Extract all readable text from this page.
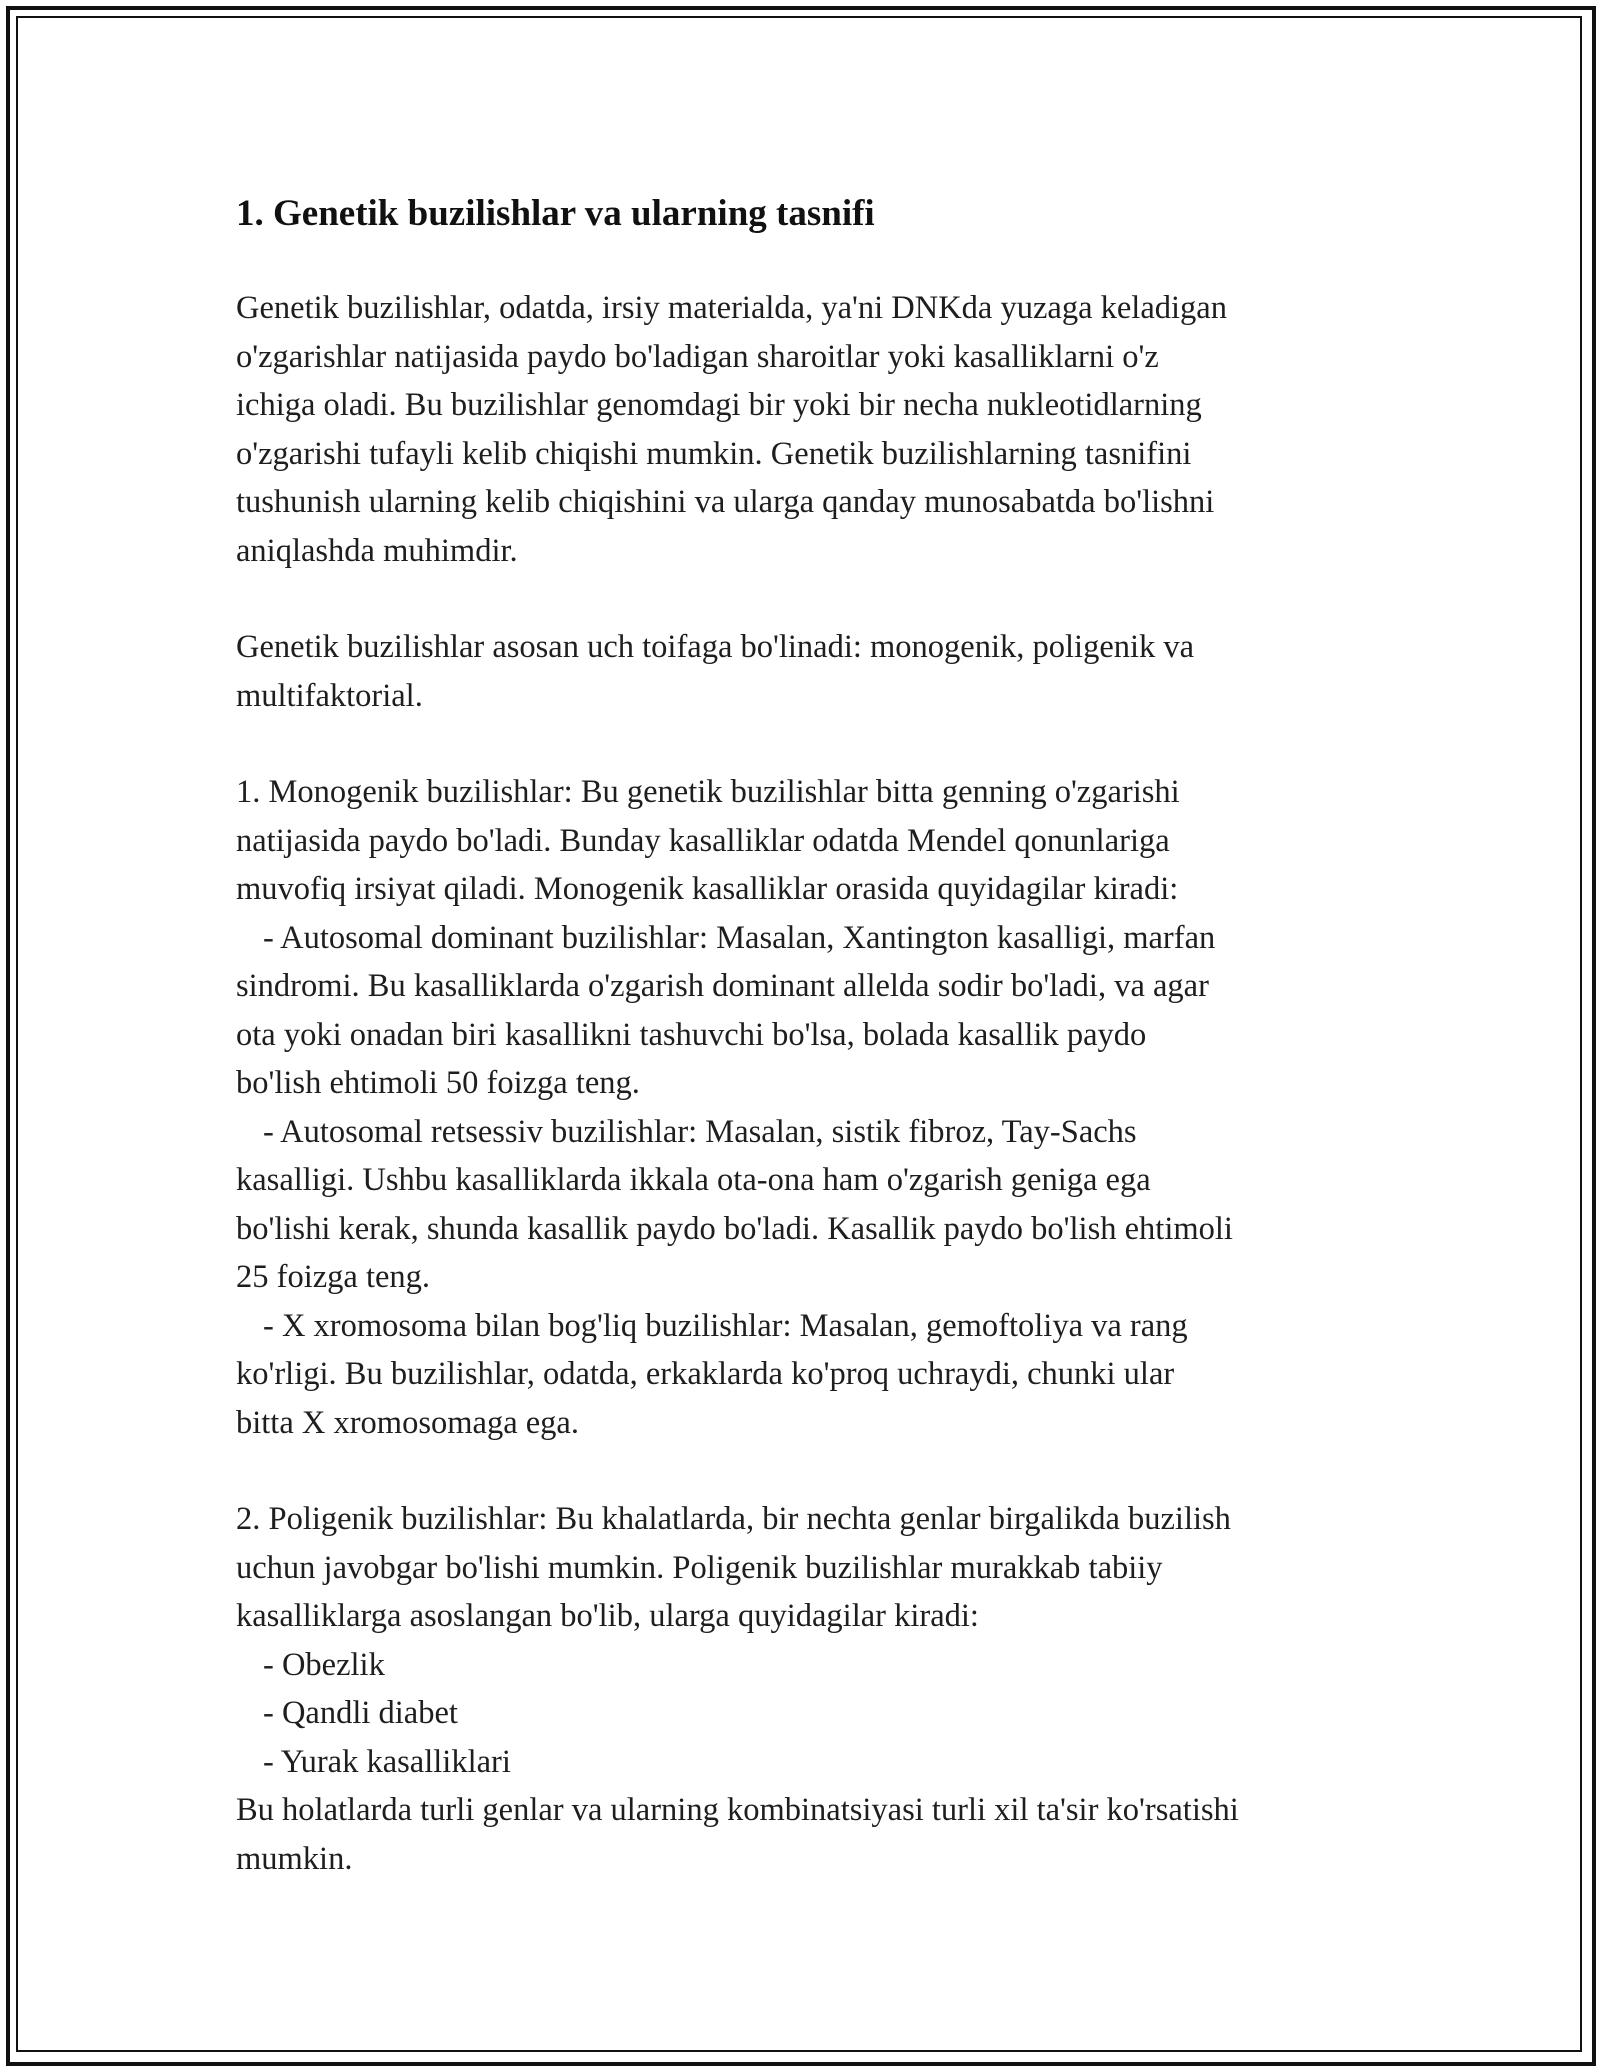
1. Genetik buzilishlar va ularning tasnifi
Genetik buzilishlar, odatda, irsiy materialda, ya'ni DNKda yuzaga keladigan
o'zgarishlar natijasida paydo bo'ladigan sharoitlar yoki kasalliklarni o'z
ichiga oladi. Bu buzilishlar genomdagi bir yoki bir necha nukleotidlarning
o'zgarishi tufayli kelib chiqishi mumkin. Genetik buzilishlarning tasnifini
tushunish ularning kelib chiqishini va ularga qanday munosabatda bo'lishni
aniqlashda muhimdir.
Genetik buzilishlar asosan uch toifaga bo'linadi: monogenik, poligenik va
multifaktorial.
1. Monogenik buzilishlar: Bu genetik buzilishlar bitta genning o'zgarishi
natijasida paydo bo'ladi. Bunday kasalliklar odatda Mendel qonunlariga
muvofiq irsiyat qiladi. Monogenik kasalliklar orasida quyidagilar kiradi:
- Autosomal dominant buzilishlar: Masalan, Xantington kasalligi, marfan
sindromi. Bu kasalliklarda o'zgarish dominant allelda sodir bo'ladi, va agar
ota yoki onadan biri kasallikni tashuvchi bo'lsa, bolada kasallik paydo
bo'lish ehtimoli 50 foizga teng.
- Autosomal retsessiv buzilishlar: Masalan, sistik fibroz, Tay-Sachs
kasalligi. Ushbu kasalliklarda ikkala ota-ona ham o'zgarish geniga ega
bo'lishi kerak, shunda kasallik paydo bo'ladi. Kasallik paydo bo'lish ehtimoli
25 foizga teng.
- X xromosoma bilan bog'liq buzilishlar: Masalan, gemoftoliya va rang
ko'rligi. Bu buzilishlar, odatda, erkaklarda ko'proq uchraydi, chunki ular
bitta X xromosomaga ega.
2. Poligenik buzilishlar: Bu khalatlarda, bir nechta genlar birgalikda buzilish
uchun javobgar bo'lishi mumkin. Poligenik buzilishlar murakkab tabiiy
kasalliklarga asoslangan bo'lib, ularga quyidagilar kiradi:
- Obezlik
- Qandli diabet
- Yurak kasalliklari
Bu holatlarda turli genlar va ularning kombinatsiyasi turli xil ta'sir ko'rsatishi
mumkin.
